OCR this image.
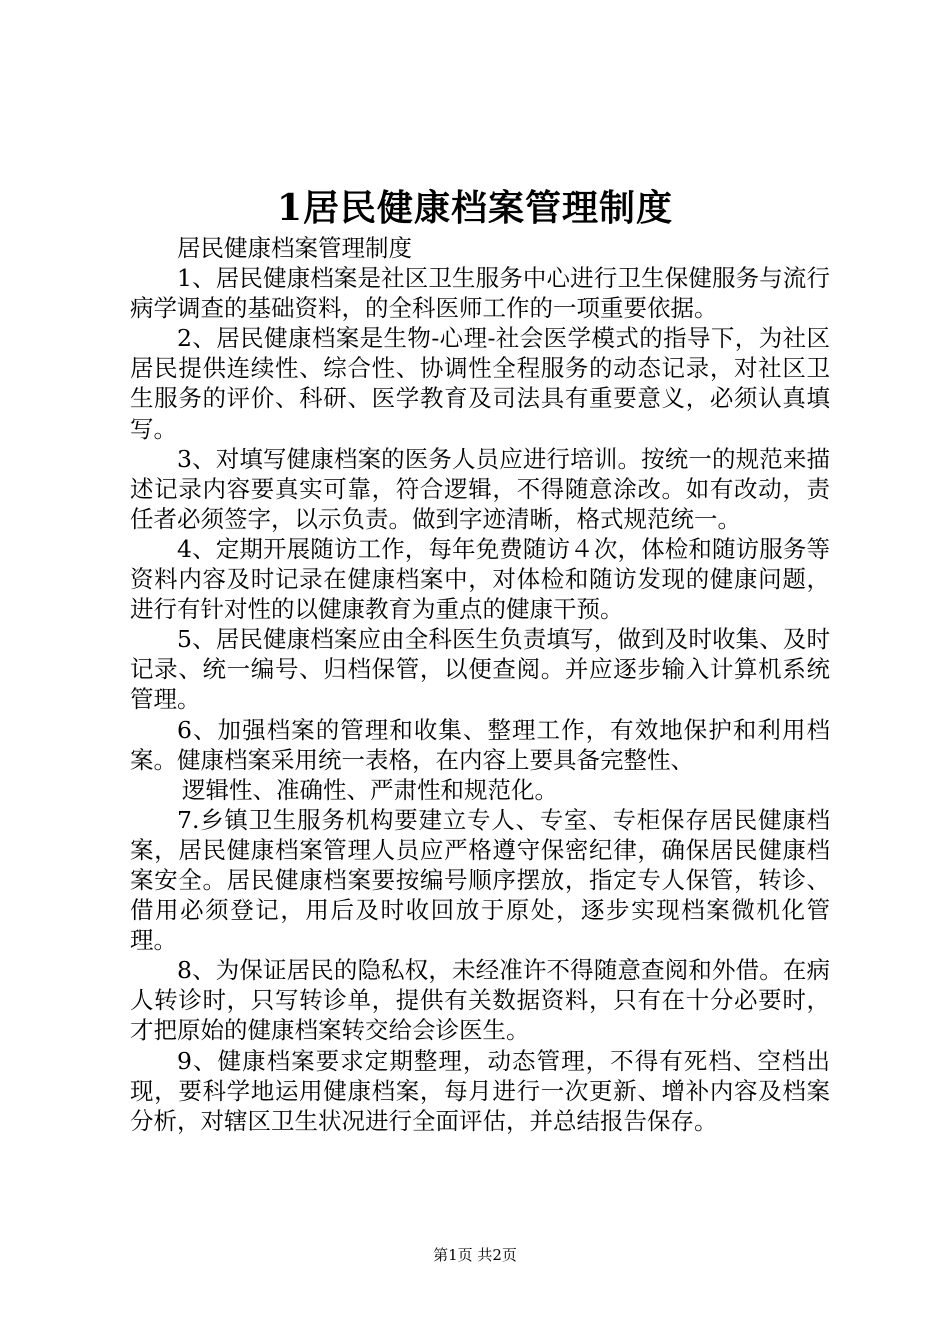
1居民健康档案管理制度

居民健康档案管理制度

1、居民健康档案是社区卫生服务中心进行卫生保健服务与流行病学调查的基础资料，的全科医师工作的一项重要依据。

2、居民健康档案是生物-心理-社会医学模式的指导下，为社区居民提供连续性、综合性、协调性全程服务的动态记录，对社区卫生服务的评价、科研、医学教育及司法具有重要意义，必须认真填写。

3、对填写健康档案的医务人员应进行培训。按统一的规范来描述记录内容要真实可靠，符合逻辑，不得随意涂改。如有改动，责任者必须签字，以示负责。做到字迹清晰，格式规范统一。

4、定期开展随访工作，每年免费随访４次，体检和随访服务等资料内容及时记录在健康档案中，对体检和随访发现的健康问题，进行有针对性的以健康教育为重点的健康干预。

5、居民健康档案应由全科医生负责填写，做到及时收集、及时记录、统一编号、归档保管，以便查阅。并应逐步输入计算机系统管理。

6、加强档案的管理和收集、整理工作，有效地保护和利用档案。健康档案采用统一表格，在内容上要具备完整性、

逻辑性、准确性、严肃性和规范化。

7.乡镇卫生服务机构要建立专人、专室、专柜保存居民健康档案，居民健康档案管理人员应严格遵守保密纪律，确保居民健康档案安全。居民健康档案要按编号顺序摆放，指定专人保管，转诊、借用必须登记，用后及时收回放于原处，逐步实现档案微机化管理。

8、为保证居民的隐私权，未经准许不得随意查阅和外借。在病人转诊时，只写转诊单，提供有关数据资料，只有在十分必要时，才把原始的健康档案转交给会诊医生。

9、健康档案要求定期整理，动态管理，不得有死档、空档出现，要科学地运用健康档案，每月进行一次更新、增补内容及档案分析，对辖区卫生状况进行全面评估，并总结报告保存。

第1页 共2页
